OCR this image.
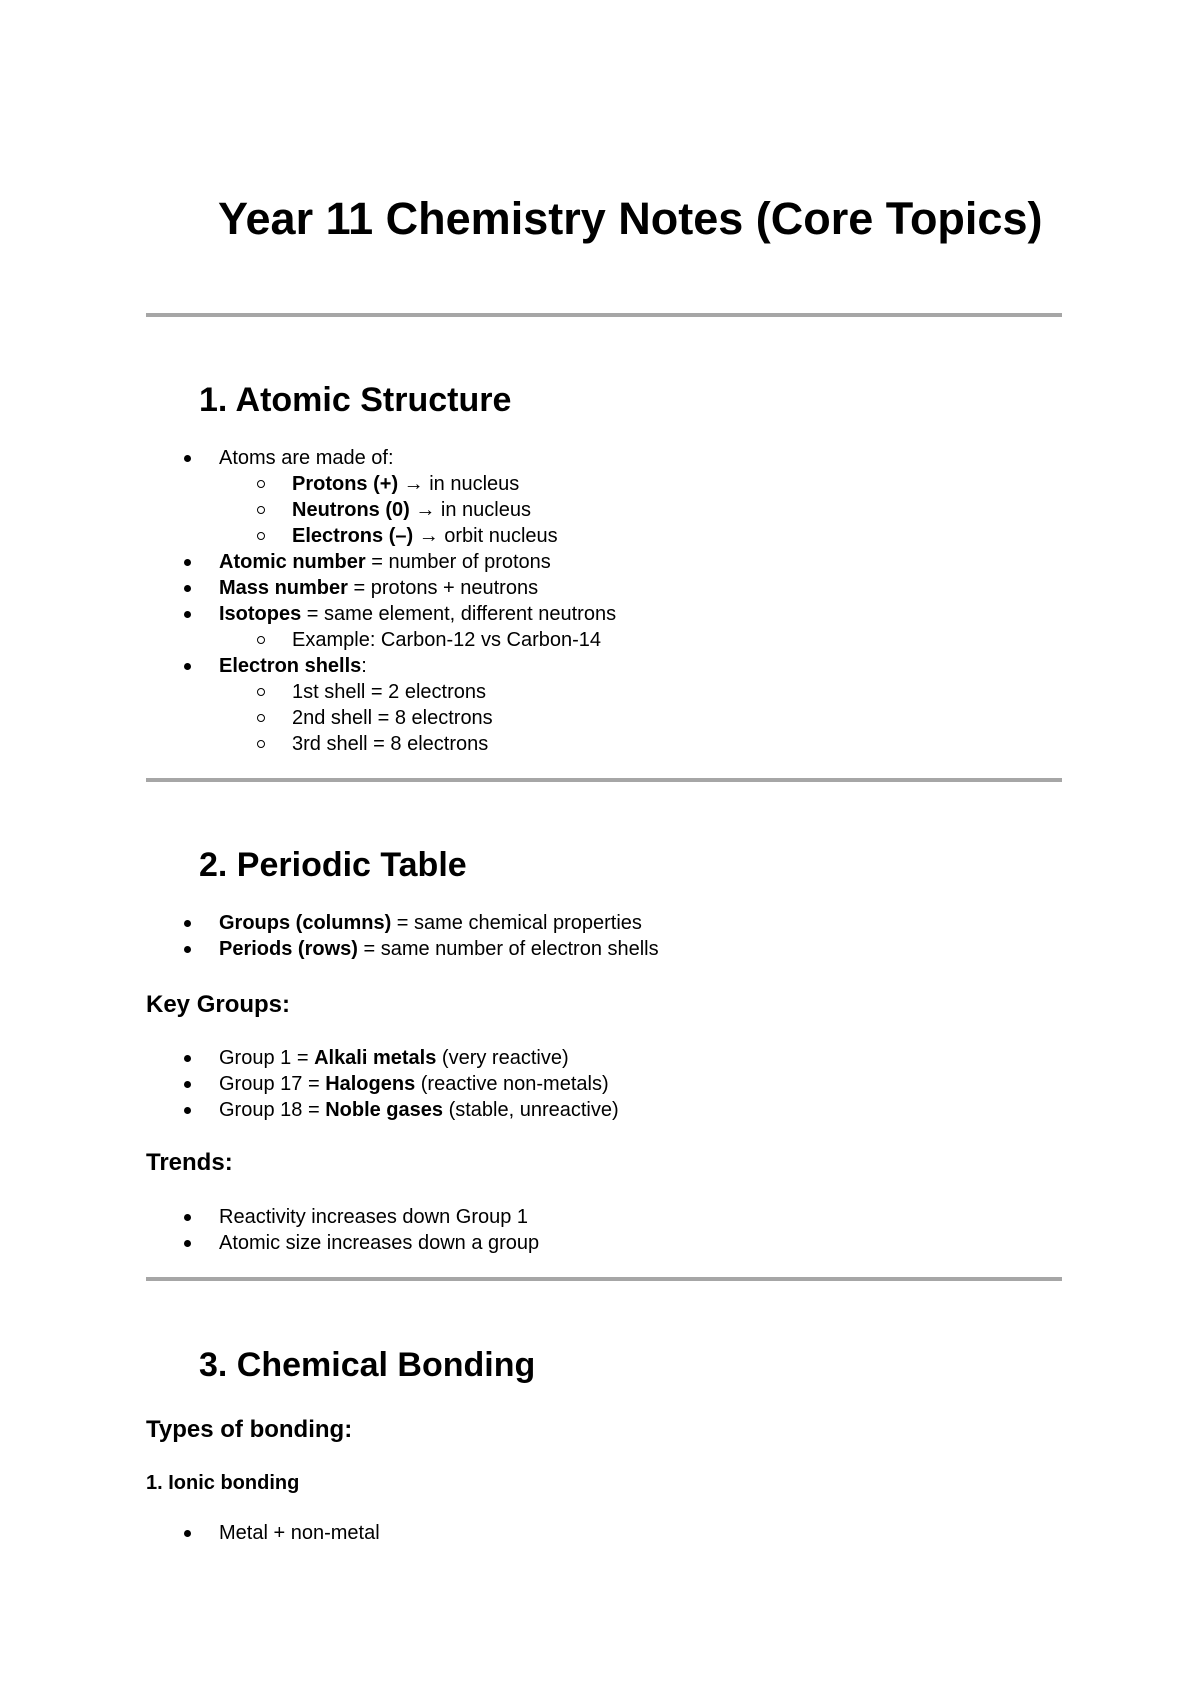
Year 11 Chemistry Notes (Core Topics)
1. Atomic Structure
Atoms are made of:
Protons (+) → in nucleus
Neutrons (0) → in nucleus
Electrons (–) → orbit nucleus
Atomic number = number of protons
Mass number = protons + neutrons
Isotopes = same element, different neutrons
Example: Carbon-12 vs Carbon-14
Electron shells:
1st shell = 2 electrons
2nd shell = 8 electrons
3rd shell = 8 electrons
2. Periodic Table
Groups (columns) = same chemical properties
Periods (rows) = same number of electron shells
Key Groups:
Group 1 = Alkali metals (very reactive)
Group 17 = Halogens (reactive non-metals)
Group 18 = Noble gases (stable, unreactive)
Trends:
Reactivity increases down Group 1
Atomic size increases down a group
3. Chemical Bonding
Types of bonding:
1. Ionic bonding
Metal + non-metal
